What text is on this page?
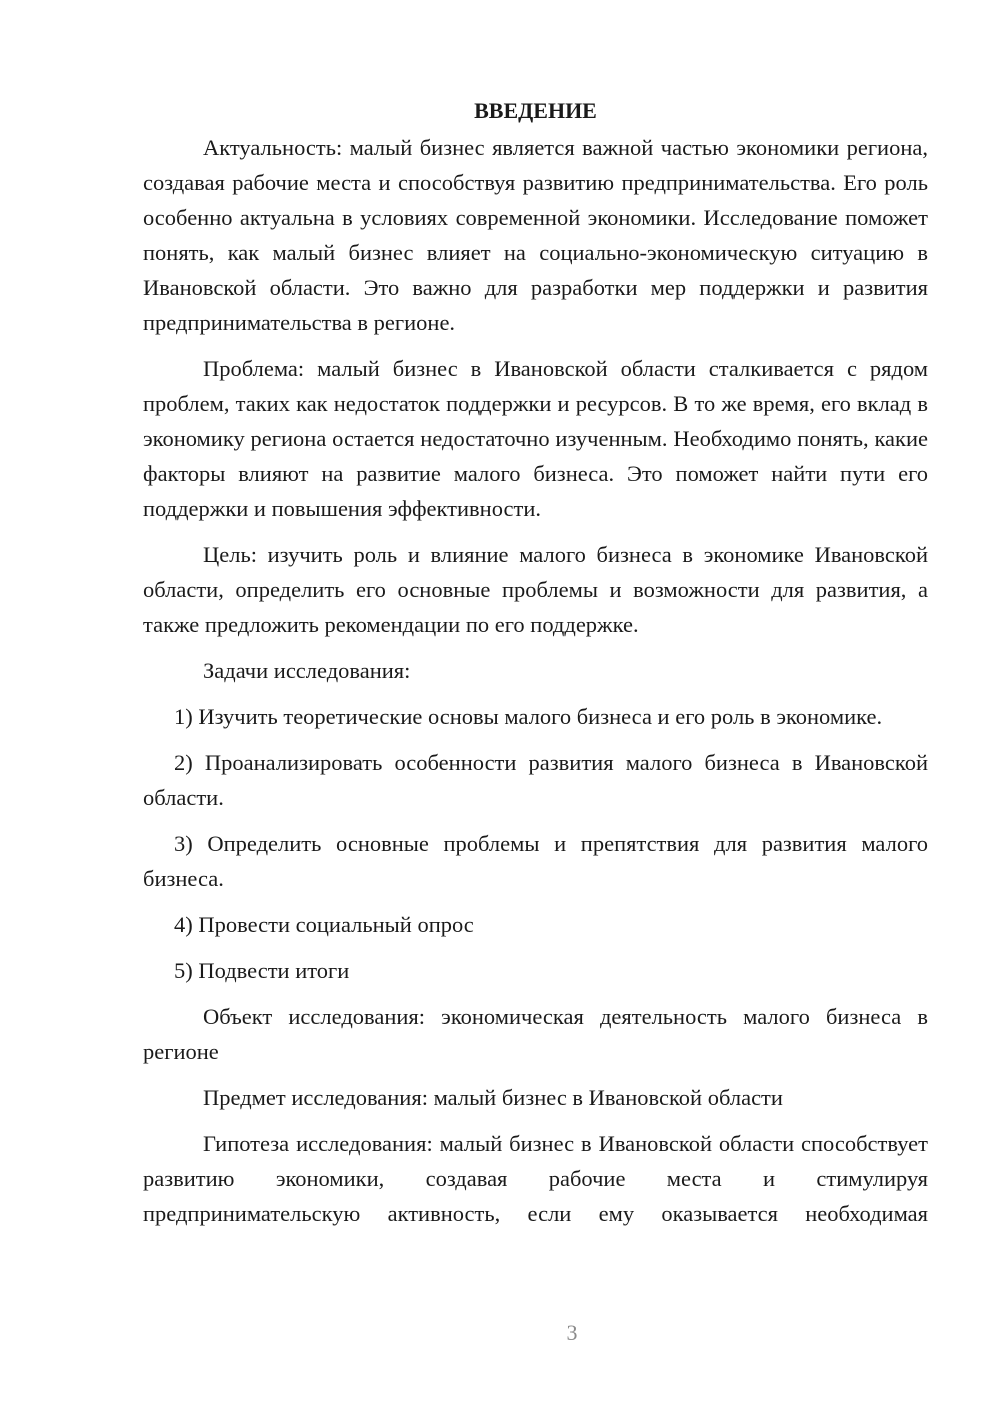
ВВЕДЕНИЕ

Актуальность: малый бизнес является важной частью экономики региона, создавая рабочие места и способствуя развитию предпринимательства. Его роль особенно актуальна в условиях современной экономики. Исследование поможет понять, как малый бизнес влияет на социально-экономическую ситуацию в Ивановской области. Это важно для разработки мер поддержки и развития предпринимательства в регионе.

Проблема: малый бизнес в Ивановской области сталкивается с рядом проблем, таких как недостаток поддержки и ресурсов. В то же время, его вклад в экономику региона остается недостаточно изученным. Необходимо понять, какие факторы влияют на развитие малого бизнеса. Это поможет найти пути его поддержки и повышения эффективности.

Цель: изучить роль и влияние малого бизнеса в экономике Ивановской области, определить его основные проблемы и возможности для развития, а также предложить рекомендации по его поддержке.

Задачи исследования:

1) Изучить теоретические основы малого бизнеса и его роль в экономике.

2) Проанализировать особенности развития малого бизнеса в Ивановской области.

3) Определить основные проблемы и препятствия для развития малого бизнеса.

4) Провести социальный опрос

5) Подвести итоги

Объект исследования: экономическая деятельность малого бизнеса в регионе

Предмет исследования: малый бизнес в Ивановской области

Гипотеза исследования: малый бизнес в Ивановской области способствует развитию экономики, создавая рабочие места и стимулируя предпринимательскую активность, если ему оказывается необходимая

3
